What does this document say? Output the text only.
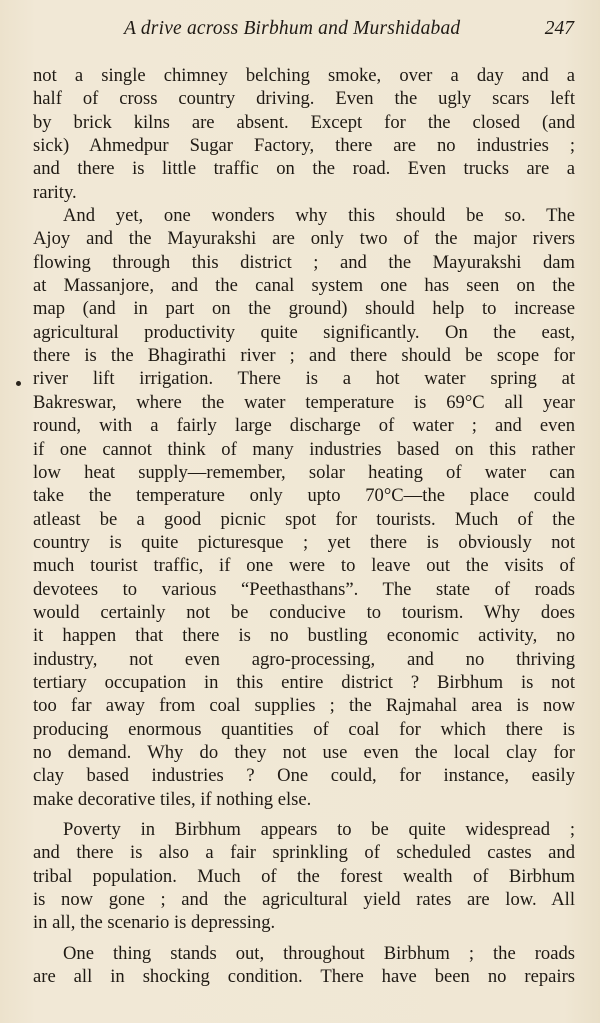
A drive across Birbhum and Murshidabad	247
not a single chimney belching smoke, over a day and a
half of cross country driving. Even the ugly scars left
by brick kilns are absent. Except for the closed (and
sick) Ahmedpur Sugar Factory, there are no industries ;
and there is little traffic on the road. Even trucks are a
rarity.
And yet, one wonders why this should be so. The
Ajoy and the Mayurakshi are only two of the major rivers
flowing through this district ; and the Mayurakshi dam
at Massanjore, and the canal system one has seen on the
map (and in part on the ground) should help to increase
agricultural productivity quite significantly. On the east,
there is the Bhagirathi river ; and there should be scope for
river lift irrigation. There is a hot water spring at
Bakreswar, where the water temperature is 69°C all year
round, with a fairly large discharge of water ; and even
if one cannot think of many industries based on this rather
low heat supply—remember, solar heating of water can
take the temperature only upto 70°C—the place could
atleast be a good picnic spot for tourists. Much of the
country is quite picturesque ; yet there is obviously not
much tourist traffic, if one were to leave out the visits of
devotees to various “Peethasthans”. The state of roads
would certainly not be conducive to tourism. Why does
it happen that there is no bustling economic activity, no
industry, not even agro-processing, and no thriving
tertiary occupation in this entire district ? Birbhum is not
too far away from coal supplies ; the Rajmahal area is now
producing enormous quantities of coal for which there is
no demand. Why do they not use even the local clay for
clay based industries ? One could, for instance, easily
make decorative tiles, if nothing else.
Poverty in Birbhum appears to be quite widespread ;
and there is also a fair sprinkling of scheduled castes and
tribal population. Much of the forest wealth of Birbhum
is now gone ; and the agricultural yield rates are low. All
in all, the scenario is depressing.
One thing stands out, throughout Birbhum ; the roads
are all in shocking condition. There have been no repairs
